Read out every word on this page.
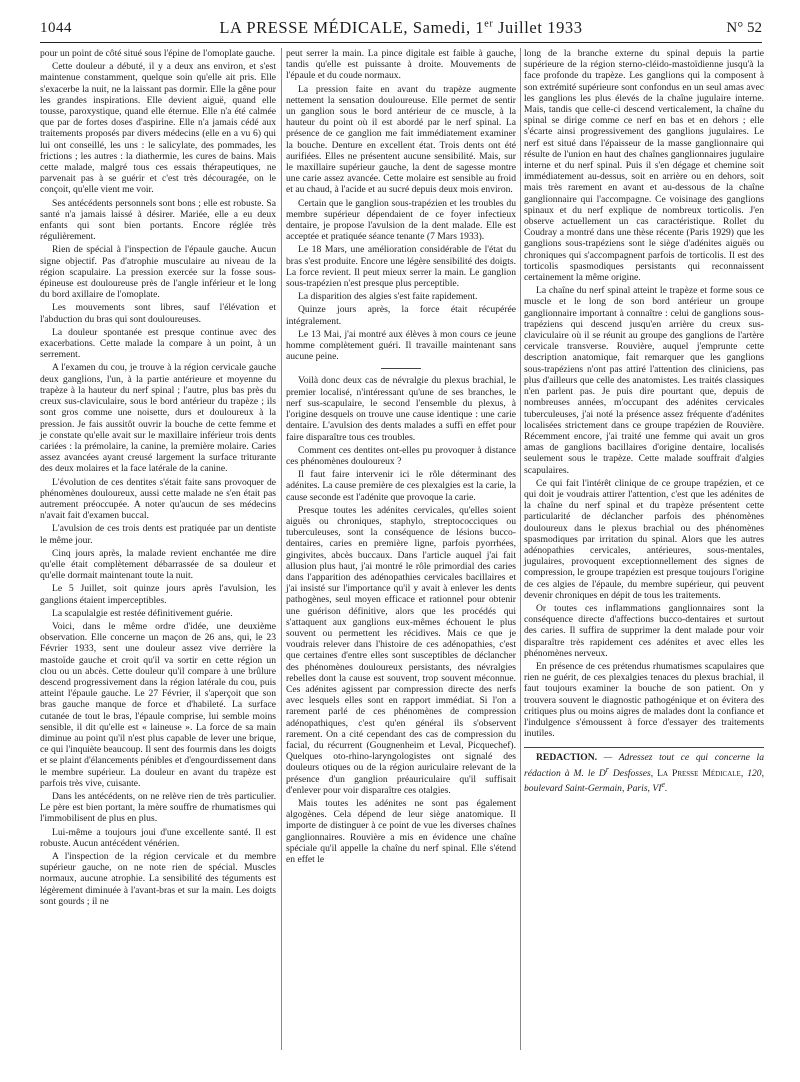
1044	LA PRESSE MÉDICALE, Samedi, 1er Juillet 1933	N° 52

pour un point de côté situé sous l'épine de l'omoplate gauche.

Cette douleur a débuté, il y a deux ans environ, et s'est maintenue constamment, quelque soin qu'elle ait pris. Elle s'exacerbe la nuit, ne la laissant pas dormir. Elle la gêne pour les grandes inspirations. Elle devient aiguë, quand elle tousse, paroxystique, quand elle éternue. Elle n'a été calmée que par de fortes doses d'aspirine. Elle n'a jamais cédé aux traitements proposés par divers médecins (elle en a vu 6) qui lui ont conseillé, les uns : le salicylate, des pommades, les frictions ; les autres : la diathermie, les cures de bains. Mais cette malade, malgré tous ces essais thérapeutiques, ne parvenait pas à se guérir et c'est très découragée, on le conçoit, qu'elle vient me voir.

Ses antécédents personnels sont bons ; elle est robuste. Sa santé n'a jamais laissé à désirer. Mariée, elle a eu deux enfants qui sont bien portants. Encore réglée très régulièrement.

Rien de spécial à l'inspection de l'épaule gauche. Aucun signe objectif. Pas d'atrophie musculaire au niveau de la région scapulaire. La pression exercée sur la fosse sous-épineuse est douloureuse près de l'angle inférieur et le long du bord axillaire de l'omoplate.

Les mouvements sont libres, sauf l'élévation et l'abduction du bras qui sont douloureuses.

La douleur spontanée est presque continue avec des exacerbations. Cette malade la compare à un point, à un serrement.

A l'examen du cou, je trouve à la région cervicale gauche deux ganglions, l'un, à la partie antérieure et moyenne du trapèze à la hauteur du nerf spinal ; l'autre, plus bas près du creux sus-claviculaire, sous le bord antérieur du trapèze ; ils sont gros comme une noisette, durs et douloureux à la pression. Je fais aussitôt ouvrir la bouche de cette femme et je constate qu'elle avait sur le maxillaire inférieur trois dents cariées : la prémolaire, la canine, la première molaire. Caries assez avancées ayant creusé largement la surface triturante des deux molaires et la face latérale de la canine.

L'évolution de ces dentites s'était faite sans provoquer de phénomènes douloureux, aussi cette malade ne s'en était pas autrement préoccupée. A noter qu'aucun de ses médecins n'avait fait d'examen buccal.

L'avulsion de ces trois dents est pratiquée par un dentiste le même jour.

Cinq jours après, la malade revient enchantée me dire qu'elle était complètement débarrassée de sa douleur et qu'elle dormait maintenant toute la nuit.

Le 5 Juillet, soit quinze jours après l'avulsion, les ganglions étaient imperceptibles.

La scapulalgie est restée définitivement guérie.

Voici, dans le même ordre d'idée, une deuxième observation. Elle concerne un maçon de 26 ans, qui, le 23 Février 1933, sent une douleur assez vive derrière la mastoïde gauche et croit qu'il va sortir en cette région un clou ou un abcès. Cette douleur qu'il compare à une brûlure descend progressivement dans la région latérale du cou, puis atteint l'épaule gauche. Le 27 Février, il s'aperçoit que son bras gauche manque de force et d'habileté. La surface cutanée de tout le bras, l'épaule comprise, lui semble moins sensible, il dit qu'elle est « laineuse ». La force de sa main diminue au point qu'il n'est plus capable de lever une brique, ce qui l'inquiète beaucoup. Il sent des fourmis dans les doigts et se plaint d'élancements pénibles et d'engourdissement dans le membre supérieur. La douleur en avant du trapèze est parfois très vive, cuisante.

Dans les antécédents, on ne relève rien de très particulier. Le père est bien portant, la mère souffre de rhumatismes qui l'immobilisent de plus en plus.

Lui-même a toujours joui d'une excellente santé. Il est robuste. Aucun antécédent vénérien.

A l'inspection de la région cervicale et du membre supérieur gauche, on ne note rien de spécial. Muscles normaux, aucune atrophie. La sensibilité des téguments est légèrement diminuée à l'avant-bras et sur la main. Les doigts sont gourds ; il ne

peut serrer la main. La pince digitale est faible à gauche, tandis qu'elle est puissante à droite. Mouvements de l'épaule et du coude normaux.

La pression faite en avant du trapèze augmente nettement la sensation douloureuse. Elle permet de sentir un ganglion sous le bord antérieur de ce muscle, à la hauteur du point où il est abordé par le nerf spinal. La présence de ce ganglion me fait immédiatement examiner la bouche. Denture en excellent état. Trois dents ont été aurifiées. Elles ne présentent aucune sensibilité. Mais, sur le maxillaire supérieur gauche, la dent de sagesse montre une carie assez avancée. Cette molaire est sensible au froid et au chaud, à l'acide et au sucré depuis deux mois environ.

Certain que le ganglion sous-trapézien et les troubles du membre supérieur dépendaient de ce foyer infectieux dentaire, je propose l'avulsion de la dent malade. Elle est acceptée et pratiquée séance tenante (7 Mars 1933).

Le 18 Mars, une amélioration considérable de l'état du bras s'est produite. Encore une légère sensibilité des doigts. La force revient. Il peut mieux serrer la main. Le ganglion sous-trapézien n'est presque plus perceptible.

La disparition des algies s'est faite rapidement.

Quinze jours après, la force était récupérée intégralement.

Le 13 Mai, j'ai montré aux élèves à mon cours ce jeune homme complètement guéri. Il travaille maintenant sans aucune peine.

Voilà donc deux cas de névralgie du plexus brachial, le premier localisé, n'intéressant qu'une de ses branches, le nerf sus-scapulaire, le second l'ensemble du plexus, à l'origine desquels on trouve une cause identique : une carie dentaire. L'avulsion des dents malades a suffi en effet pour faire disparaître tous ces troubles.

Comment ces dentites ont-elles pu provoquer à distance ces phénomènes douloureux ?

Il faut faire intervenir ici le rôle déterminant des adénites. La cause première de ces plexalgies est la carie, la cause seconde est l'adénite que provoque la carie.

Presque toutes les adénites cervicales, qu'elles soient aiguës ou chroniques, staphylo, streptococciques ou tuberculeuses, sont la conséquence de lésions bucco-dentaires, caries en première ligne, parfois pyorrhées, gingivites, abcès buccaux. Dans l'article auquel j'ai fait allusion plus haut, j'ai montré le rôle primordial des caries dans l'apparition des adénopathies cervicales bacillaires et j'ai insisté sur l'importance qu'il y avait à enlever les dents pathogènes, seul moyen efficace et rationnel pour obtenir une guérison définitive, alors que les procédés qui s'attaquent aux ganglions eux-mêmes échouent le plus souvent ou permettent les récidives. Mais ce que je voudrais relever dans l'histoire de ces adénopathies, c'est que certaines d'entre elles sont susceptibles de déclancher des phénomènes douloureux persistants, des névralgies rebelles dont la cause est souvent, trop souvent méconnue. Ces adénites agissent par compression directe des nerfs avec lesquels elles sont en rapport immédiat. Si l'on a rarement parlé de ces phénomènes de compression adénopathiques, c'est qu'en général ils s'observent rarement. On a cité cependant des cas de compression du facial, du récurrent (Gougnenheim et Leval, Picquechef). Quelques oto-rhino-laryngologistes ont signalé des douleurs otiques ou de la région auriculaire relevant de la présence d'un ganglion préauriculaire qu'il suffisait d'enlever pour voir disparaître ces otalgies.

Mais toutes les adénites ne sont pas également algogènes. Cela dépend de leur siège anatomique. Il importe de distinguer à ce point de vue les diverses chaînes ganglionnaires. Rouvière a mis en évidence une chaîne spéciale qu'il appelle la chaîne du nerf spinal. Elle s'étend en effet le

long de la branche externe du spinal depuis la partie supérieure de la région sterno-cléido-mastoïdienne jusqu'à la face profonde du trapèze. Les ganglions qui la composent à son extrémité supérieure sont confondus en un seul amas avec les ganglions les plus élevés de la chaîne jugulaire interne. Mais, tandis que celle-ci descend verticalement, la chaîne du spinal se dirige comme ce nerf en bas et en dehors ; elle s'écarte ainsi progressivement des ganglions jugulaires. Le nerf est situé dans l'épaisseur de la masse ganglionnaire qui résulte de l'union en haut des chaînes ganglionnaires jugulaire interne et du nerf spinal. Puis il s'en dégage et chemine soit immédiatement au-dessus, soit en arrière ou en dehors, soit mais très rarement en avant et au-dessous de la chaîne ganglionnaire qui l'accompagne. Ce voisinage des ganglions spinaux et du nerf explique de nombreux torticolis. J'en observe actuellement un cas caractéristique. Rollet du Coudray a montré dans une thèse récente (Paris 1929) que les ganglions sous-trapéziens sont le siège d'adénites aiguës ou chroniques qui s'accompagnent parfois de torticolis. Il est des torticolis spasmodiques persistants qui reconnaissent certainement la même origine.

La chaîne du nerf spinal atteint le trapèze et forme sous ce muscle et le long de son bord antérieur un groupe ganglionnaire important à connaître : celui de ganglions sous-trapéziens qui descend jusqu'en arrière du creux sus-claviculaire où il se réunit au groupe des ganglions de l'artère cervicale transverse. Rouvière, auquel j'emprunte cette description anatomique, fait remarquer que les ganglions sous-trapéziens n'ont pas attiré l'attention des cliniciens, pas plus d'ailleurs que celle des anatomistes. Les traités classiques n'en parlent pas. Je puis dire pourtant que, depuis de nombreuses années, m'occupant des adénites cervicales tuberculeuses, j'ai noté la présence assez fréquente d'adénites localisées strictement dans ce groupe trapézien de Rouvière. Récemment encore, j'ai traité une femme qui avait un gros amas de ganglions bacillaires d'origine dentaire, localisés seulement sous le trapèze. Cette malade souffrait d'algies scapulaires.

Ce qui fait l'intérêt clinique de ce groupe trapézien, et ce qui doit je voudrais attirer l'attention, c'est que les adénites de la chaîne du nerf spinal et du trapèze présentent cette particularité de déclancher parfois des phénomènes douloureux dans le plexus brachial ou des phénomènes spasmodiques par irritation du spinal. Alors que les autres adénopathies cervicales, antérieures, sous-mentales, jugulaires, provoquent exceptionnellement des signes de compression, le groupe trapézien est presque toujours l'origine de ces algies de l'épaule, du membre supérieur, qui peuvent devenir chroniques en dépit de tous les traitements.

Or toutes ces inflammations ganglionnaires sont la conséquence directe d'affections bucco-dentaires et surtout des caries. Il suffira de supprimer la dent malade pour voir disparaître très rapidement ces adénites et avec elles les phénomènes nerveux.

En présence de ces prétendus rhumatismes scapulaires que rien ne guérit, de ces plexalgies tenaces du plexus brachial, il faut toujours examiner la bouche de son patient. On y trouvera souvent le diagnostic pathogénique et on évitera des critiques plus ou moins aigres de malades dont la confiance et l'indulgence s'émoussent à force d'essayer des traitements inutiles.

REDACTION. — Adressez tout ce qui concerne la rédaction à M. le $D^r$ Desfosses, La Presse Médicale, 120, boulevard Saint-Germain, Paris, VIe.
